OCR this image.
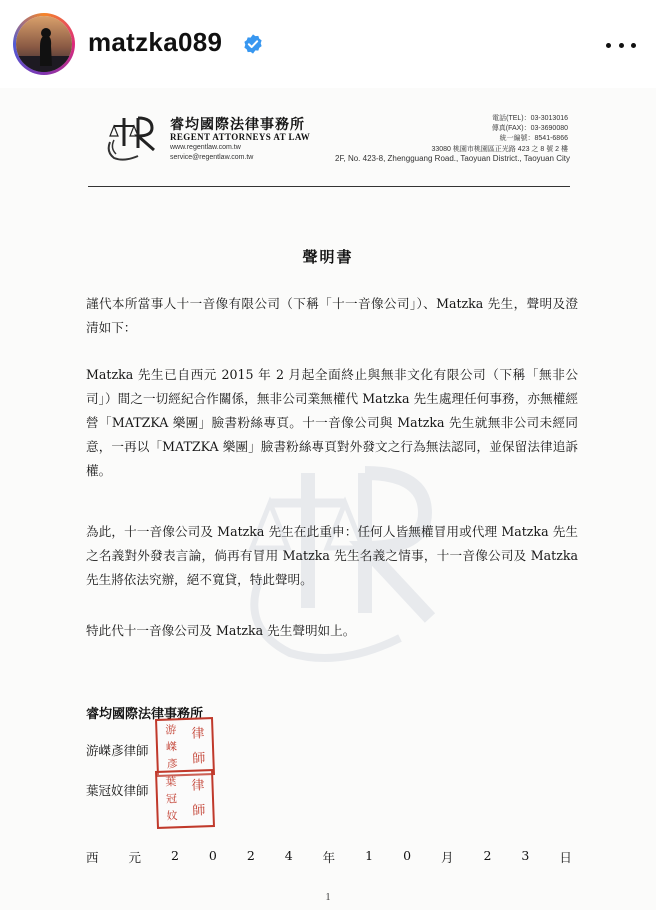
matzka089
睿均國際法律事務所
REGENT ATTORNEYS AT LAW
www.regentlaw.com.tw
service@regentlaw.com.tw
電話(TEL)：03-3013016
傳真(FAX)：03-3690080
統一編號：8541-6866
33080 桃園市桃園區正光路 423 之 8 號 2 樓
2F, No. 423-8, Zhengguang Road., Taoyuan District., Taoyuan City
聲明書
謹代本所當事人十一音像有限公司（下稱「十一音像公司」）、Matzka 先生，聲明及澄清如下：
Matzka 先生已自西元 2015 年 2 月起全面終止與無非文化有限公司（下稱「無非公司」）間之一切經紀合作關係，無非公司業無權代 Matzka 先生處理任何事務，亦無權經營「MATZKA 樂團」臉書粉絲專頁。十一音像公司與 Matzka 先生就無非公司未經同意，一再以「MATZKA 樂團」臉書粉絲專頁對外發文之行為無法認同，並保留法律追訴權。
為此，十一音像公司及 Matzka 先生在此重申：任何人皆無權冒用或代理 Matzka 先生之名義對外發表言論，倘再有冒用 Matzka 先生名義之情事，十一音像公司及 Matzka 先生將依法究辦，絕不寬貸，特此聲明。
特此代十一音像公司及 Matzka 先生聲明如上。
睿均國際法律事務所
游嵥彥律師
葉冠妏律師
游
嵥
彥
律
師
葉
冠
妏
律
師
西 元 2 0 2 4 年 1 0 月 2 3 日
1
